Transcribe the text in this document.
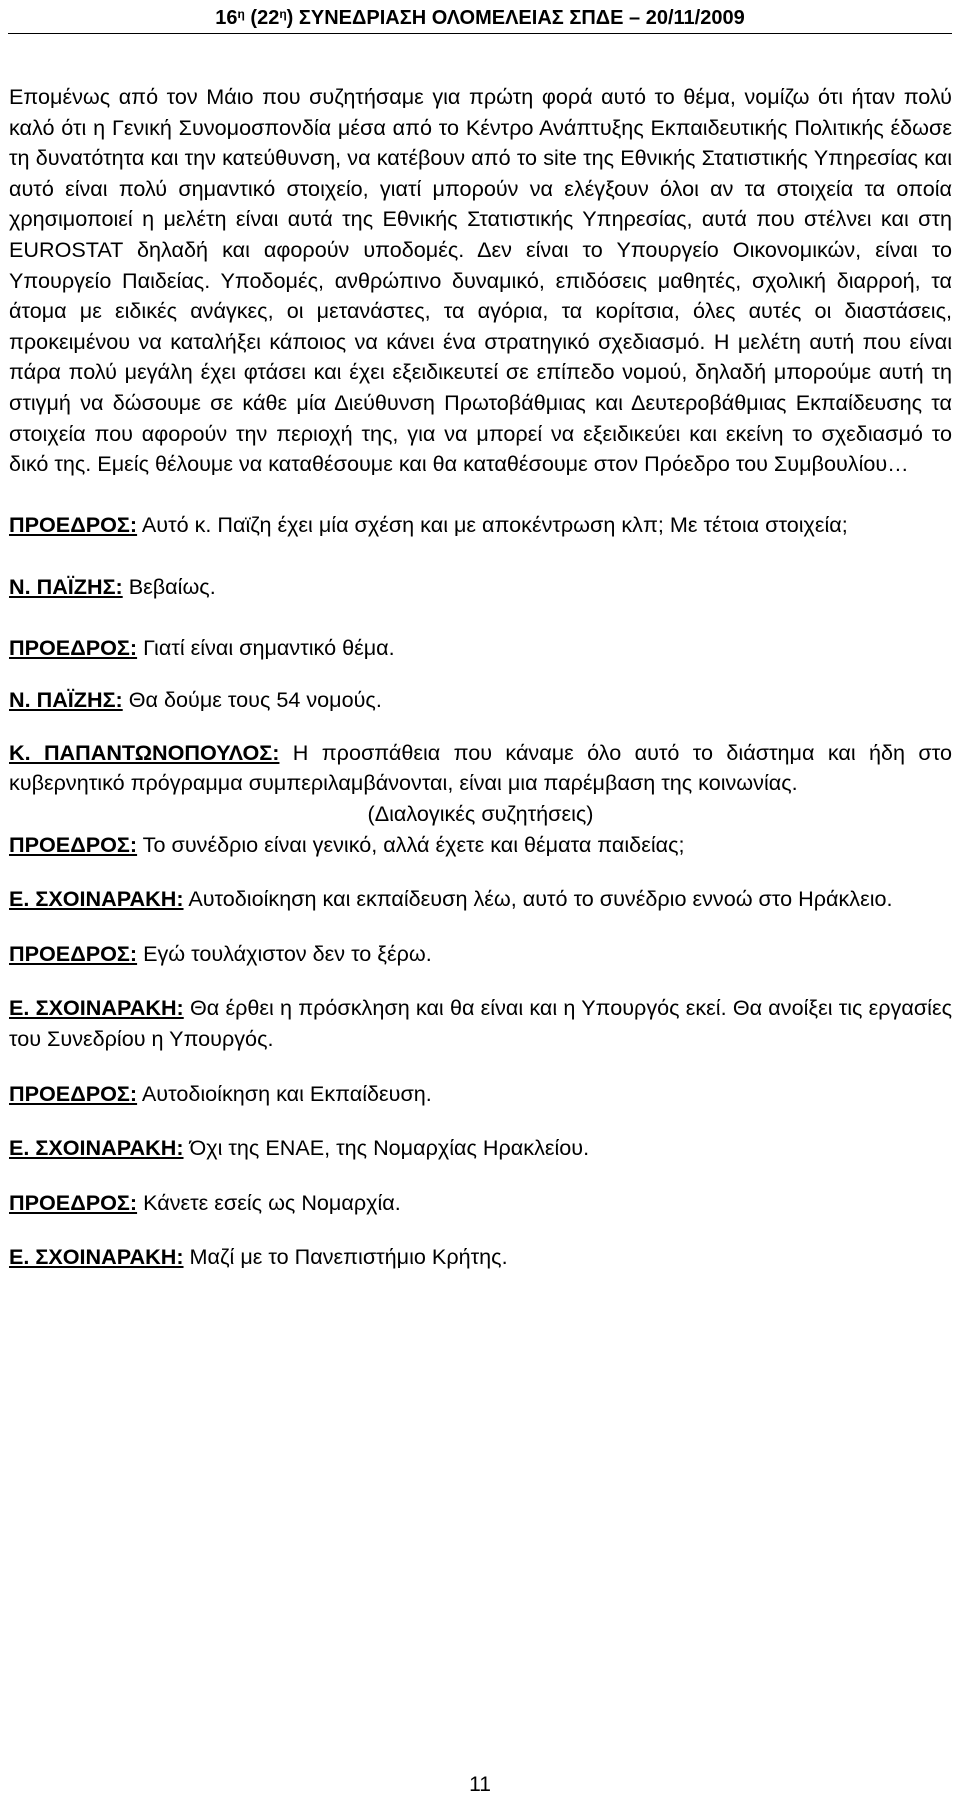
$16^\eta$ $(22^\eta)$ ΣΥΝΕΔΡΙΑΣΗ ΟΛΟΜΕΛΕΙΑΣ ΣΠΔΕ – 20/11/2009

Επομένως από τον Μάιο που συζητήσαμε για πρώτη φορά αυτό το θέμα, νομίζω ότι ήταν πολύ καλό ότι η Γενική Συνομοσπονδία μέσα από το Κέντρο Ανάπτυξης Εκπαιδευτικής Πολιτικής έδωσε τη δυνατότητα και την κατεύθυνση, να κατέβουν από το site της Εθνικής Στατιστικής Υπηρεσίας και αυτό είναι πολύ σημαντικό στοιχείο, γιατί μπορούν να ελέγξουν όλοι αν τα στοιχεία τα οποία χρησιμοποιεί η μελέτη είναι αυτά της Εθνικής Στατιστικής Υπηρεσίας, αυτά που στέλνει και στη EUROSTAT δηλαδή και αφορούν υποδομές. Δεν είναι το Υπουργείο Οικονομικών, είναι το Υπουργείο Παιδείας. Υποδομές, ανθρώπινο δυναμικό, επιδόσεις μαθητές, σχολική διαρροή, τα άτομα με ειδικές ανάγκες, οι μετανάστες, τα αγόρια, τα κορίτσια, όλες αυτές οι διαστάσεις, προκειμένου να καταλήξει κάποιος να κάνει ένα στρατηγικό σχεδιασμό. Η μελέτη αυτή που είναι πάρα πολύ μεγάλη έχει φτάσει και έχει εξειδικευτεί σε επίπεδο νομού, δηλαδή μπορούμε αυτή τη στιγμή να δώσουμε σε κάθε μία Διεύθυνση Πρωτοβάθμιας και Δευτεροβάθμιας Εκπαίδευσης τα στοιχεία που αφορούν την περιοχή της, για να μπορεί να εξειδικεύει και εκείνη το σχεδιασμό το δικό της. Εμείς θέλουμε να καταθέσουμε και θα καταθέσουμε στον Πρόεδρο του Συμβουλίου…

ΠΡΟΕΔΡΟΣ: Αυτό κ. Παϊζη έχει μία σχέση και με αποκέντρωση κλπ; Με τέτοια στοιχεία;

Ν. ΠΑΪΖΗΣ: Βεβαίως.

ΠΡΟΕΔΡΟΣ: Γιατί είναι σημαντικό θέμα.

Ν. ΠΑΪΖΗΣ: Θα δούμε τους 54 νομούς.

Κ. ΠΑΠΑΝΤΩΝΟΠΟΥΛΟΣ: Η προσπάθεια που κάναμε όλο αυτό το διάστημα και ήδη στο κυβερνητικό πρόγραμμα συμπεριλαμβάνονται, είναι μια παρέμβαση της κοινωνίας.

(Διαλογικές συζητήσεις)

ΠΡΟΕΔΡΟΣ: Το συνέδριο είναι γενικό, αλλά έχετε και θέματα παιδείας;

Ε. ΣΧΟΙΝΑΡΑΚΗ: Αυτοδιοίκηση και εκπαίδευση λέω, αυτό το συνέδριο εννοώ στο Ηράκλειο.

ΠΡΟΕΔΡΟΣ: Εγώ τουλάχιστον δεν το ξέρω.

Ε. ΣΧΟΙΝΑΡΑΚΗ: Θα έρθει η πρόσκληση και θα είναι και η Υπουργός εκεί. Θα ανοίξει τις εργασίες του Συνεδρίου η Υπουργός.

ΠΡΟΕΔΡΟΣ: Αυτοδιοίκηση και Εκπαίδευση.

Ε. ΣΧΟΙΝΑΡΑΚΗ: Όχι της ΕΝΑΕ, της Νομαρχίας Ηρακλείου.

ΠΡΟΕΔΡΟΣ: Κάνετε εσείς ως Νομαρχία.

Ε. ΣΧΟΙΝΑΡΑΚΗ: Μαζί με το Πανεπιστήμιο Κρήτης.

11
